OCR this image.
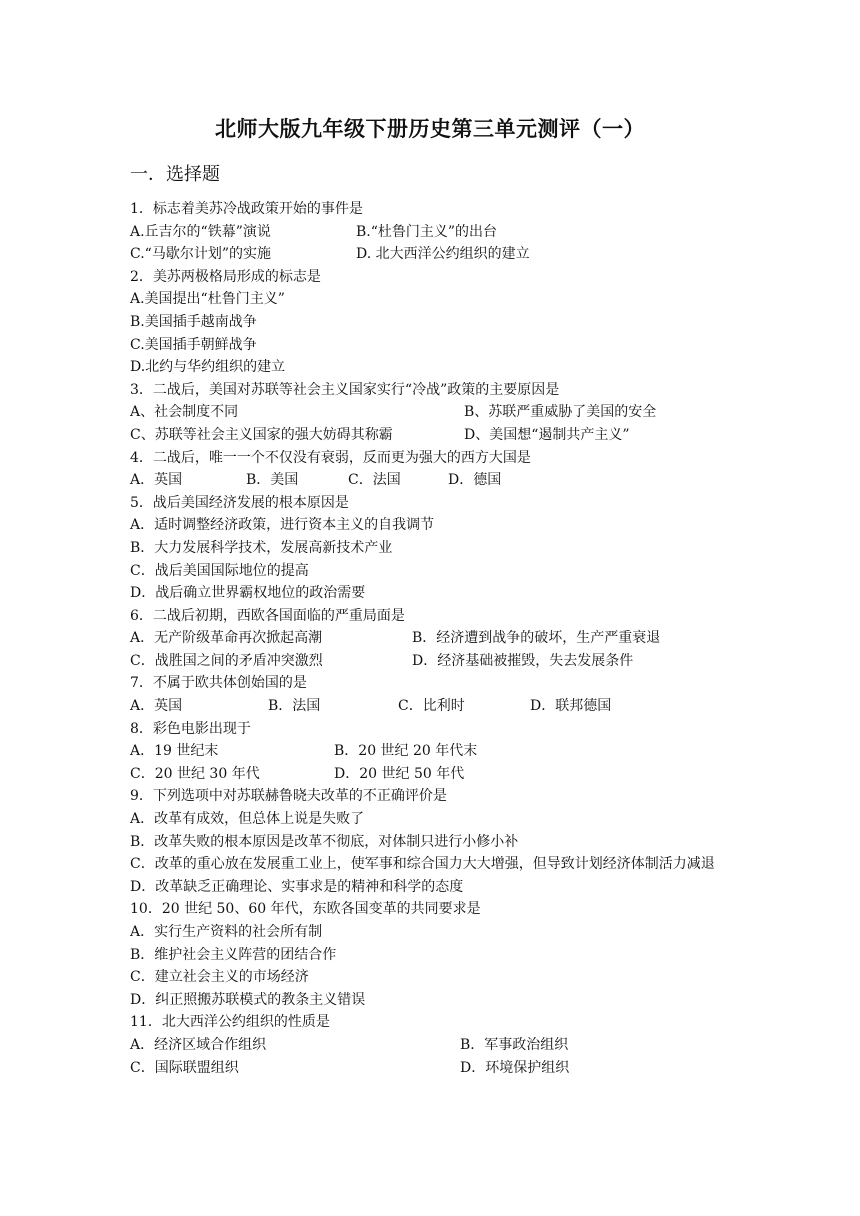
北师大版九年级下册历史第三单元测评（一）
一．选择题
1．标志着美苏冷战政策开始的事件是
A.丘吉尔的“铁幕”演说	B.“杜鲁门主义”的出台
C.“马歇尔计划”的实施	D. 北大西洋公约组织的建立
2．美苏两极格局形成的标志是
A.美国提出“杜鲁门主义”
B.美国插手越南战争
C.美国插手朝鲜战争
D.北约与华约组织的建立
3．二战后，美国对苏联等社会主义国家实行“冷战”政策的主要原因是
A、社会制度不同	B、苏联严重威胁了美国的安全
C、苏联等社会主义国家的强大妨碍其称霸	D、美国想“遏制共产主义”
4．二战后，唯一一个不仅没有衰弱，反而更为强大的西方大国是
A．英国	B．美国	C．法国	D．德国
5．战后美国经济发展的根本原因是
A．适时调整经济政策，进行资本主义的自我调节
B．大力发展科学技术，发展高新技术产业
C．战后美国国际地位的提高
D．战后确立世界霸权地位的政治需要
6．二战后初期，西欧各国面临的严重局面是
A．无产阶级革命再次掀起高潮	B．经济遭到战争的破坏，生产严重衰退
C．战胜国之间的矛盾冲突激烈	D．经济基础被摧毁，失去发展条件
7．不属于欧共体创始国的是
A．英国	B．法国	C．比利时	D．联邦德国
8．彩色电影出现于
A．19 世纪末	B．20 世纪 20 年代末
C．20 世纪 30 年代	D．20 世纪 50 年代
9．下列选项中对苏联赫鲁晓夫改革的不正确评价是
A．改革有成效，但总体上说是失败了
B．改革失败的根本原因是改革不彻底，对体制只进行小修小补
C．改革的重心放在发展重工业上，使军事和综合国力大大增强，但导致计划经济体制活力减退
D．改革缺乏正确理论、实事求是的精神和科学的态度
10．20 世纪 50、60 年代，东欧各国变革的共同要求是
A．实行生产资料的社会所有制
B．维护社会主义阵营的团结合作
C．建立社会主义的市场经济
D．纠正照搬苏联模式的教条主义错误
11．北大西洋公约组织的性质是
A．经济区域合作组织	B．军事政治组织
C．国际联盟组织	D．环境保护组织
